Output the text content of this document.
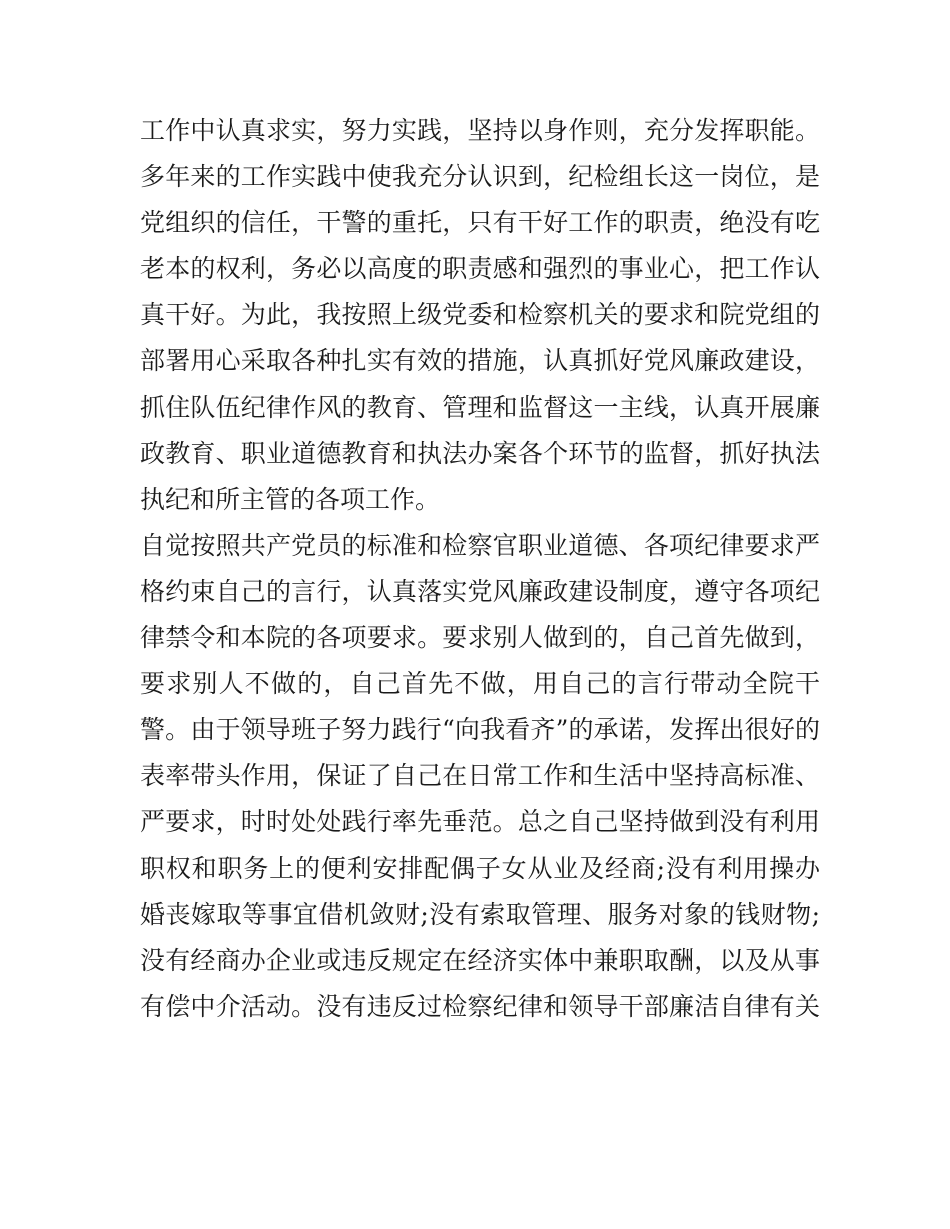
工作中认真求实，努力实践，坚持以身作则，充分发挥职能。
多年来的工作实践中使我充分认识到，纪检组长这一岗位，是
党组织的信任，干警的重托，只有干好工作的职责，绝没有吃
老本的权利，务必以高度的职责感和强烈的事业心，把工作认
真干好。为此，我按照上级党委和检察机关的要求和院党组的
部署用心采取各种扎实有效的措施，认真抓好党风廉政建设，
抓住队伍纪律作风的教育、管理和监督这一主线，认真开展廉
政教育、职业道德教育和执法办案各个环节的监督，抓好执法
执纪和所主管的各项工作。
自觉按照共产党员的标准和检察官职业道德、各项纪律要求严
格约束自己的言行，认真落实党风廉政建设制度，遵守各项纪
律禁令和本院的各项要求。要求别人做到的，自己首先做到，
要求别人不做的，自己首先不做，用自己的言行带动全院干
警。由于领导班子努力践行“向我看齐”的承诺，发挥出很好的
表率带头作用，保证了自己在日常工作和生活中坚持高标准、
严要求，时时处处践行率先垂范。总之自己坚持做到没有利用
职权和职务上的便利安排配偶子女从业及经商;没有利用操办
婚丧嫁取等事宜借机敛财;没有索取管理、服务对象的钱财物;
没有经商办企业或违反规定在经济实体中兼职取酬，以及从事
有偿中介活动。没有违反过检察纪律和领导干部廉洁自律有关
